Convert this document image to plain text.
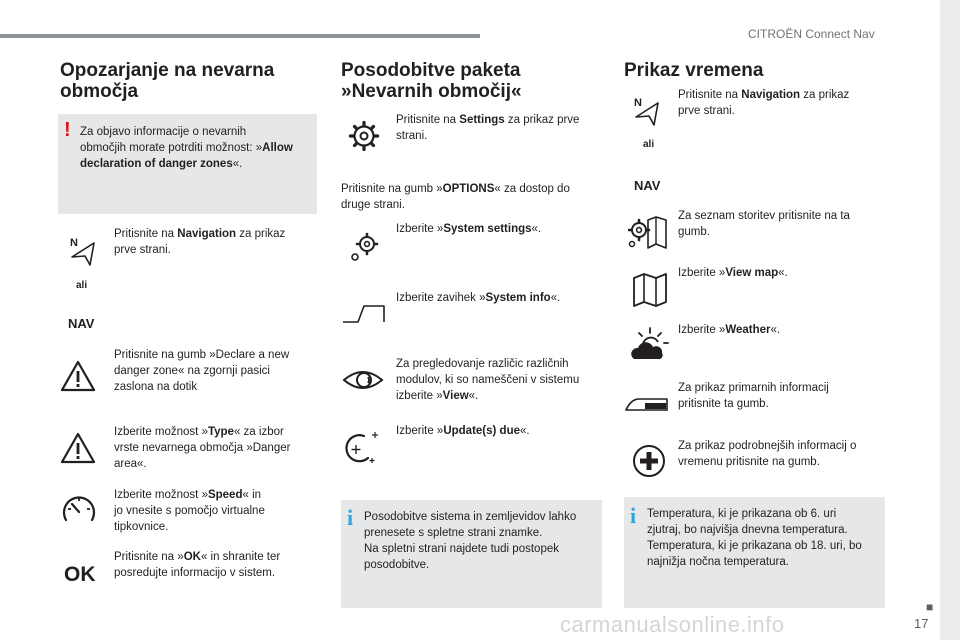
CITROËN Connect Nav
■
17
carmanualsonline.info
Opozarjanje na nevarna
območja
! Za objavo informacije o nevarnih
območjih morate potrditi možnost: »Allow
declaration of danger zones«.
N
ali
NAV
Pritisnite na Navigation za prikaz
prve strani.
Pritisnite na gumb »Declare a new
danger zone« na zgornji pasici
zaslona na dotik
Izberite možnost »Type« za izbor
vrste nevarnega območja »Danger
area«.
Izberite možnost »Speed« in
jo vnesite s pomočjo virtualne
tipkovnice.
OK
Pritisnite na »OK« in shranite ter
posredujte informacijo v sistem.
Posodobitve paketa
»Nevarnih območij«
Pritisnite na Settings za prikaz prve
strani.
Pritisnite na gumb »OPTIONS« za dostop do
druge strani.
Izberite »System settings«.
Izberite zavihek »System info«.
Za pregledovanje različic različnih
modulov, ki so nameščeni v sistemu
izberite »View«.
Izberite »Update(s) due«.
i Posodobitve sistema in zemljevidov lahko
prenesete s spletne strani znamke.
Na spletni strani najdete tudi postopek
posodobitve.
Prikaz vremena
N
ali
NAV
Pritisnite na Navigation za prikaz
prve strani.
Za seznam storitev pritisnite na ta
gumb.
Izberite »View map«.
Izberite »Weather«.
Za prikaz primarnih informacij
pritisnite ta gumb.
Za prikaz podrobnejših informacij o
vremenu pritisnite na gumb.
i Temperatura, ki je prikazana ob 6. uri
zjutraj, bo najvišja dnevna temperatura.
Temperatura, ki je prikazana ob 18. uri, bo
najnižja nočna temperatura.
